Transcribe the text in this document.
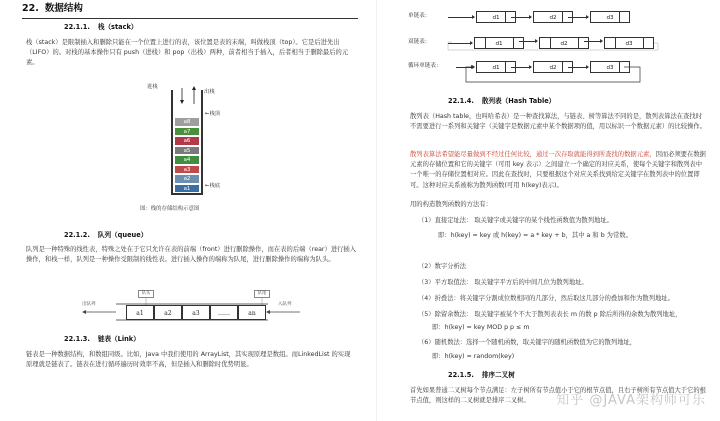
22. 数据结构
22.1.1. 栈（stack）
栈（stack）是限制插入和删除只能在一个位置上进行的表，该位置是表的末端，叫做栈顶（top）。它是后进先出（LIFO）的。对栈的基本操作只有 push（进栈）和 pop（出栈）两种，前者相当于插入，后者相当于删除最后的元素。
进栈
出栈
a8
a7
a6
a5
a4
a3
a2
a1
←栈顶
←栈底
图：栈的存储结构示意图
22.1.2. 队列（queue）
队列是一种特殊的线性表，特殊之处在于它只允许在表的前端（front）进行删除操作，而在表的后端（rear）进行插入操作，和栈一样，队列是一种操作受限制的线性表。进行插入操作的端称为队尾，进行删除操作的端称为队头。
队头	队尾
出队列	入队列
a1	a2	a3	……	an
22.1.3. 链表（Link）
链表是一种数据结构，和数组同级。比如，Java 中我们使用的 ArrayList，其实现原理是数组。而LinkedList 的实现原理就是链表了。链表在进行循环遍历时效率不高，但是插入和删除时优势明显。
单链表：
双链表：
循环单链表：
d1	d2	d3
d1	d2	d3
d1	d2	d3
22.1.4. 散列表（Hash Table）
散列表（Hash table，也叫哈希表）是一种查找算法，与链表、树等算法不同的是，散列表算法在查找时不需要进行一系列和关键字（关键字是数据元素中某个数据项的值，用以标识一个数据元素）的比较操作。
散列表算法希望能尽量做到不经过任何比较，通过一次存取就能得到所查找的数据元素，因而必须要在数据元素的存储位置和它的关键字（可用 key 表示）之间建立一个确定的对应关系，使每个关键字和散列表中一个唯一的存储位置相对应。因此在查找时，只要根据这个对应关系找到给定关键字在散列表中的位置即可。这种对应关系被称为散列函数(可用 h(key)表示)。
用的构造散列函数的方法有：
（1）直接定址法： 取关键字或关键字的某个线性函数值为散列地址。
即：h(key) = key 或 h(key) = a * key + b，其中 a 和 b 为常数。
（2）数字分析法
（3）平方取值法： 取关键字平方后的中间几位为散列地址。
（4）折叠法：将关键字分割成位数相同的几部分，然后取这几部分的叠加和作为散列地址。
（5）除留余数法： 取关键字被某个不大于散列表表长 m 的数 p 除后所得的余数为散列地址，
即：h(key) = key MOD p p ≤ m
（6）随机数法：选择一个随机函数，取关键字的随机函数值为它的散列地址，
即：h(key) = random(key)
22.1.5. 排序二叉树
首先如果普通二叉树每个节点满足：左子树所有节点值小于它的根节点值，且右子树所有节点值大于它的根节点值，则这样的二叉树就是排序二叉树。	知乎 @JAVA架构师可乐
